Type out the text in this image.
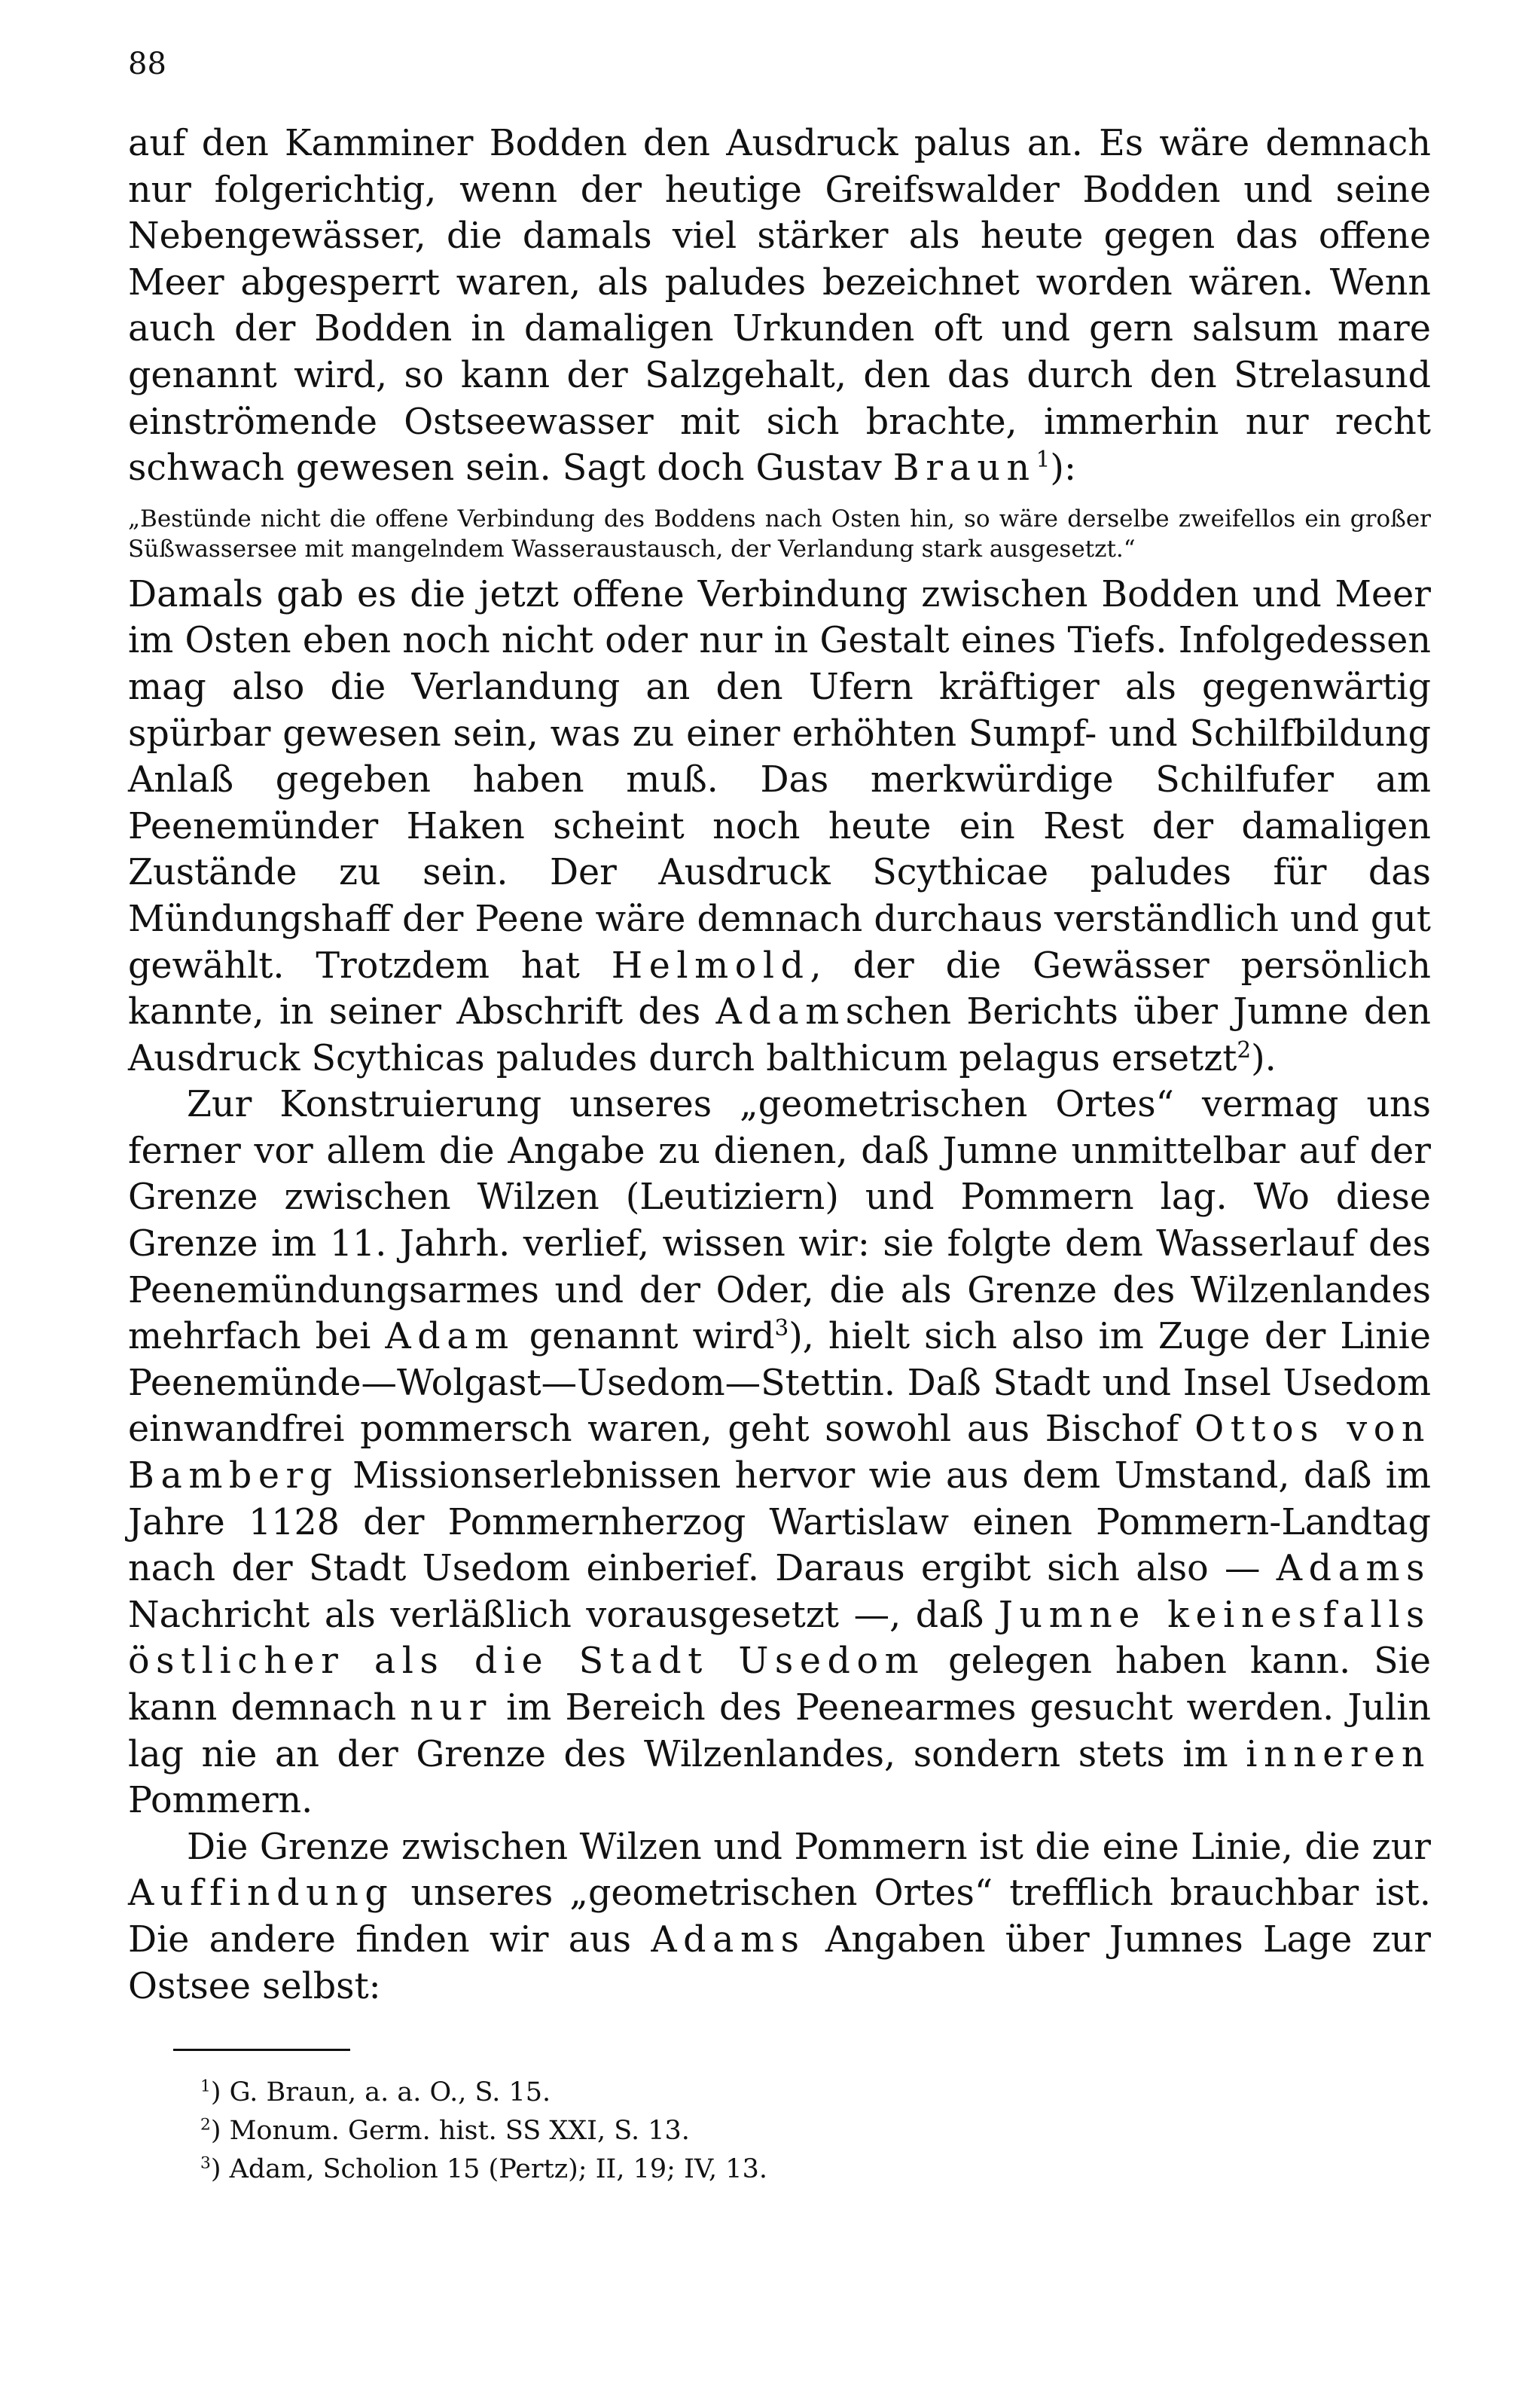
88

auf den Kamminer Bodden den Ausdruck palus an. Es wäre demnach nur folgerichtig, wenn der heutige Greifswalder Bodden und seine Nebengewässer, die damals viel stärker als heute gegen das offene Meer abgesperrt waren, als paludes bezeichnet worden wären. Wenn auch der Bodden in damaligen Urkunden oft und gern salsum mare genannt wird, so kann der Salzgehalt, den das durch den Strelasund einströmende Ostseewasser mit sich brachte, immerhin nur recht schwach gewesen sein. Sagt doch Gustav Braun$^1$):

„Bestünde nicht die offene Verbindung des Boddens nach Osten hin, so wäre derselbe zweifellos ein großer Süßwassersee mit mangelndem Wasseraustausch, der Verlandung stark ausgesetzt.“

Damals gab es die jetzt offene Verbindung zwischen Bodden und Meer im Osten eben noch nicht oder nur in Gestalt eines Tiefs. Infolgedessen mag also die Verlandung an den Ufern kräftiger als gegenwärtig spürbar gewesen sein, was zu einer erhöhten Sumpf- und Schilfbildung Anlaß gegeben haben muß. Das merkwürdige Schilfufer am Peenemünder Haken scheint noch heute ein Rest der damaligen Zustände zu sein. Der Ausdruck Scythicae paludes für das Mündungshaff der Peene wäre demnach durchaus verständlich und gut gewählt. Trotzdem hat Helmold, der die Gewässer persönlich kannte, in seiner Abschrift des Adamschen Berichts über Jumne den Ausdruck Scythicas paludes durch balthicum pelagus ersetzt$^2$).

Zur Konstruierung unseres „geometrischen Ortes“ vermag uns ferner vor allem die Angabe zu dienen, daß Jumne unmittelbar auf der Grenze zwischen Wilzen (Leutiziern) und Pommern lag. Wo diese Grenze im 11. Jahrh. verlief, wissen wir: sie folgte dem Wasserlauf des Peenemündungsarmes und der Oder, die als Grenze des Wilzenlandes mehrfach bei Adam genannt wird$^3$), hielt sich also im Zuge der Linie Peenemünde—Wolgast—Usedom—Stettin. Daß Stadt und Insel Usedom einwandfrei pommersch waren, geht sowohl aus Bischof Ottos von Bamberg Missionserlebnissen hervor wie aus dem Umstand, daß im Jahre 1128 der Pommernherzog Wartislaw einen Pommern-Landtag nach der Stadt Usedom einberief. Daraus ergibt sich also — Adams Nachricht als verläßlich vorausgesetzt —, daß Jumne keinesfalls östlicher als die Stadt Usedom gelegen haben kann. Sie kann demnach nur im Bereich des Peenearmes gesucht werden. Julin lag nie an der Grenze des Wilzenlandes, sondern stets im inneren Pommern.

Die Grenze zwischen Wilzen und Pommern ist die eine Linie, die zur Auffindung unseres „geometrischen Ortes“ trefflich brauchbar ist. Die andere finden wir aus Adams Angaben über Jumnes Lage zur Ostsee selbst:

$^1$) G. Braun, a. a. O., S. 15.
$^2$) Monum. Germ. hist. SS XXI, S. 13.
$^3$) Adam, Scholion 15 (Pertz); II, 19; IV, 13.
